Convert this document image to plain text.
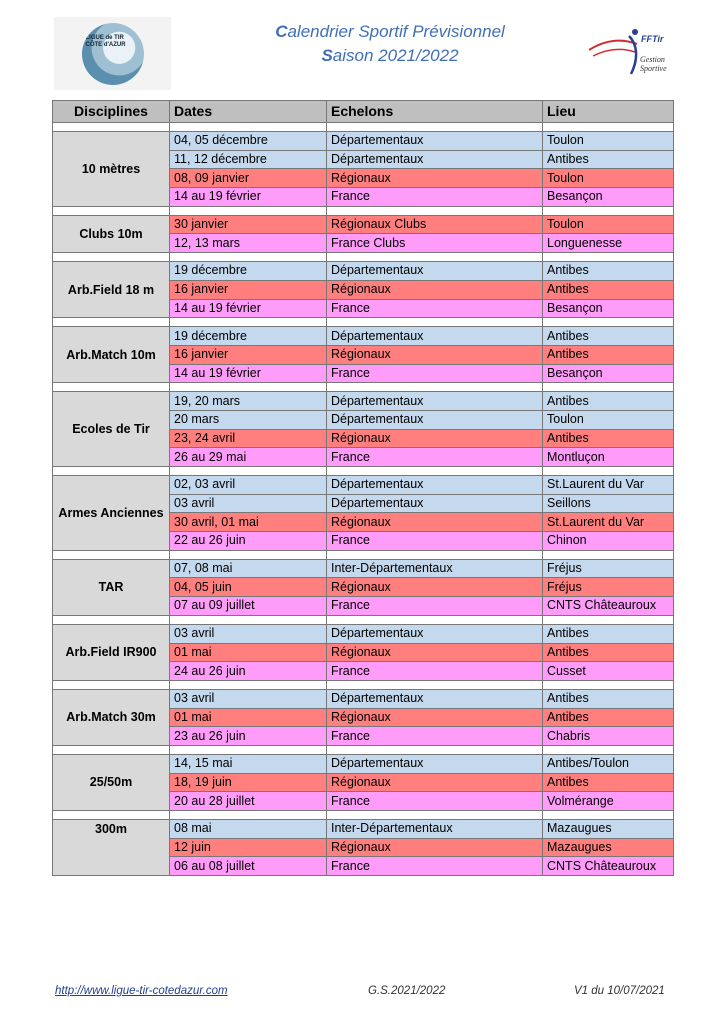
LIGUE de TIR
CÔTE d'AZUR
Calendrier Sportif Prévisionnel
Saison 2021/2022
FFTir
Gestion
Sportive
Disciplines	Dates	Echelons	Lieu

10 mètres	04, 05 décembre	Départementaux	Toulon
	11, 12 décembre	Départementaux	Antibes
	08, 09 janvier	Régionaux	Toulon
	14 au 19 février	France	Besançon

Clubs 10m	30 janvier	Régionaux Clubs	Toulon
	12, 13 mars	France Clubs	Longuenesse

Arb.Field 18 m	19 décembre	Départementaux	Antibes
	16 janvier	Régionaux	Antibes
	14 au 19 février	France	Besançon

Arb.Match 10m	19 décembre	Départementaux	Antibes
	16 janvier	Régionaux	Antibes
	14 au 19 février	France	Besançon

Ecoles de Tir	19, 20 mars	Départementaux	Antibes
	20 mars	Départementaux	Toulon
	23, 24 avril	Régionaux	Antibes
	26 au 29 mai	France	Montluçon

Armes Anciennes	02, 03 avril	Départementaux	St.Laurent du Var
	03 avril	Départementaux	Seillons
	30 avril, 01 mai	Régionaux	St.Laurent du Var
	22 au 26 juin	France	Chinon

TAR	07, 08 mai	Inter-Départementaux	Fréjus
	04, 05 juin	Régionaux	Fréjus
	07 au 09 juillet	France	CNTS Châteauroux

Arb.Field IR900	03 avril	Départementaux	Antibes
	01 mai	Régionaux	Antibes
	24 au 26 juin	France	Cusset

Arb.Match 30m	03 avril	Départementaux	Antibes
	01 mai	Régionaux	Antibes
	23 au 26 juin	France	Chabris

25/50m	14, 15 mai	Départementaux	Antibes/Toulon
	18, 19 juin	Régionaux	Antibes
	20 au 28 juillet	France	Volmérange

300m	08 mai	Inter-Départementaux	Mazaugues
	12 juin	Régionaux	Mazaugues
	06 au 08 juillet	France	CNTS Châteauroux
http://www.ligue-tir-cotedazur.com	G.S.2021/2022	V1 du 10/07/2021
